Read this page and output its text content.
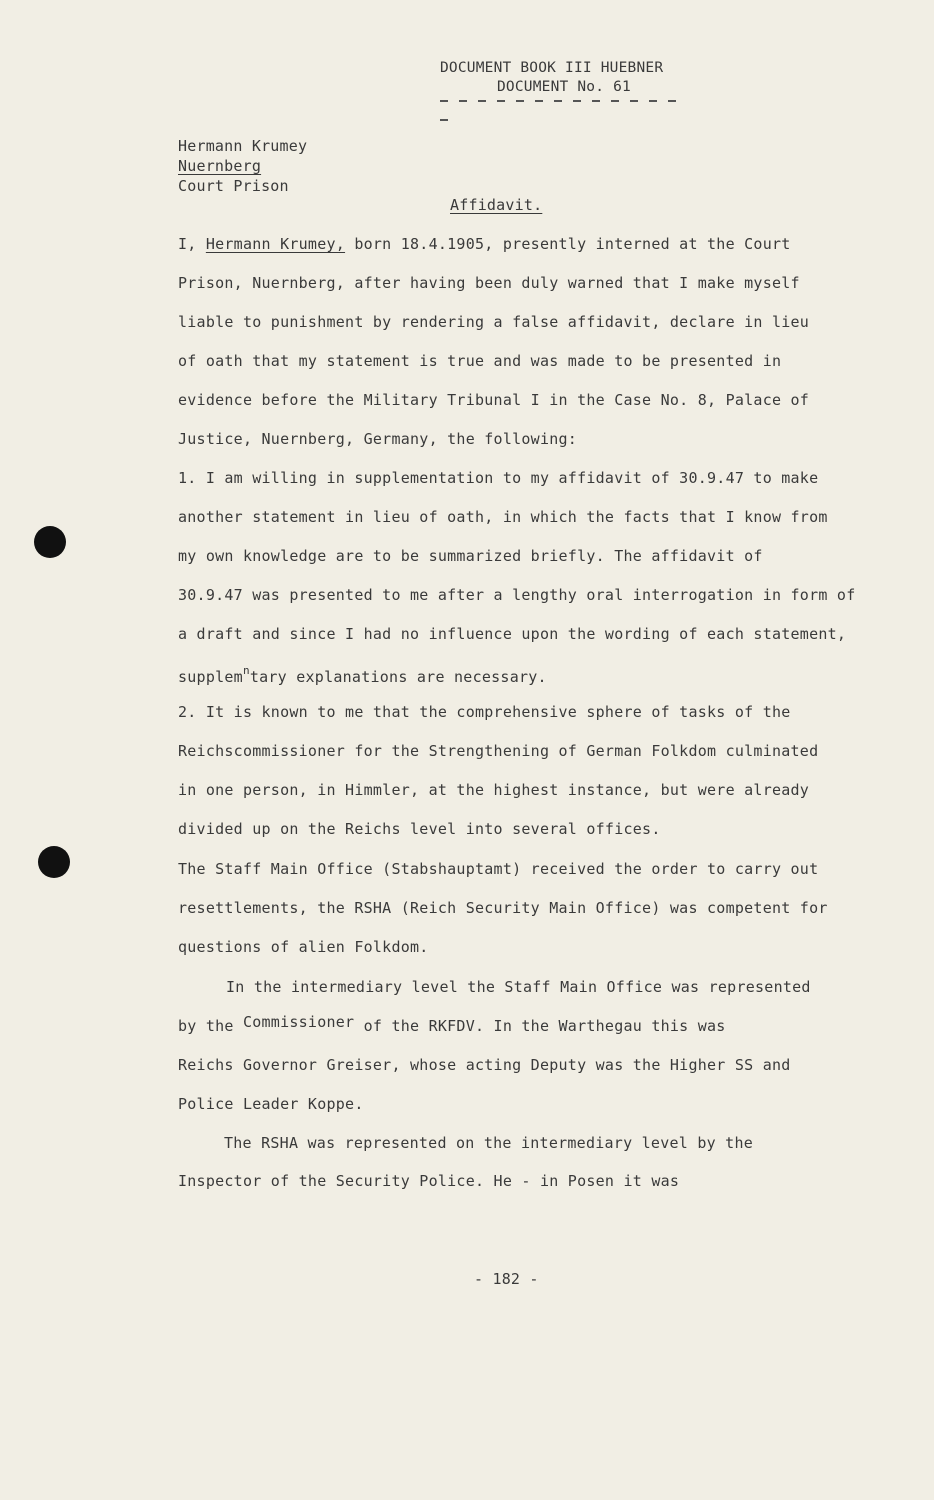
DOCUMENT BOOK III HUEBNER
DOCUMENT No. 61
Hermann Krumey
Nuernberg
Court Prison
Affidavit.
I, Hermann Krumey, born 18.4.1905, presently interned at the Court
Prison, Nuernberg, after having been duly warned that I make myself
liable to punishment by rendering a false affidavit, declare in lieu
of oath that my statement is true and was made to be presented in
evidence before the Military Tribunal I in the Case No. 8, Palace of
Justice, Nuernberg, Germany, the following:
1. I am willing in supplementation to my affidavit of 30.9.47 to make
another statement in lieu of oath, in which the facts that I know from
my own knowledge are to be summarized briefly. The affidavit of
30.9.47 was presented to me after a lengthy oral interrogation in form of
a draft and since I had no influence upon the wording of each statement,
supplem$^n$tary explanations are necessary.
2. It is known to me that the comprehensive sphere of tasks of the
Reichscommissioner for the Strengthening of German Folkdom culminated
in one person, in Himmler, at the highest instance, but were already
divided up on the Reichs level into several offices.
The Staff Main Office (Stabshauptamt) received the order to carry out
resettlements, the RSHA (Reich Security Main Office) was competent for
questions of alien Folkdom.
In the intermediary level the Staff Main Office was represented
by the Commissioner of the RKFDV. In the Warthegau this was
Reichs Governor Greiser, whose acting Deputy was the Higher SS and
Police Leader Koppe.
The RSHA was represented on the intermediary level by the
Inspector of the Security Police. He - in Posen it was
- 182 -
